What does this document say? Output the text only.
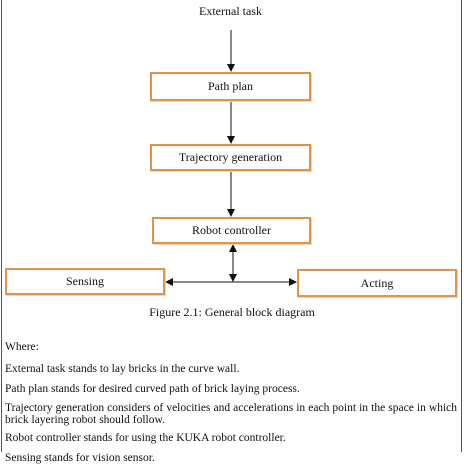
External task
Path plan
Trajectory generation
Robot controller
Sensing	Acting
Figure 2.1: General block diagram

Where:

External task stands to lay bricks in the curve wall.

Path plan stands for desired curved path of brick laying process.

Trajectory generation considers of velocities and accelerations in each point in the space in which brick layering robot should follow.

Robot controller stands for using the KUKA robot controller.

Sensing stands for vision sensor.
